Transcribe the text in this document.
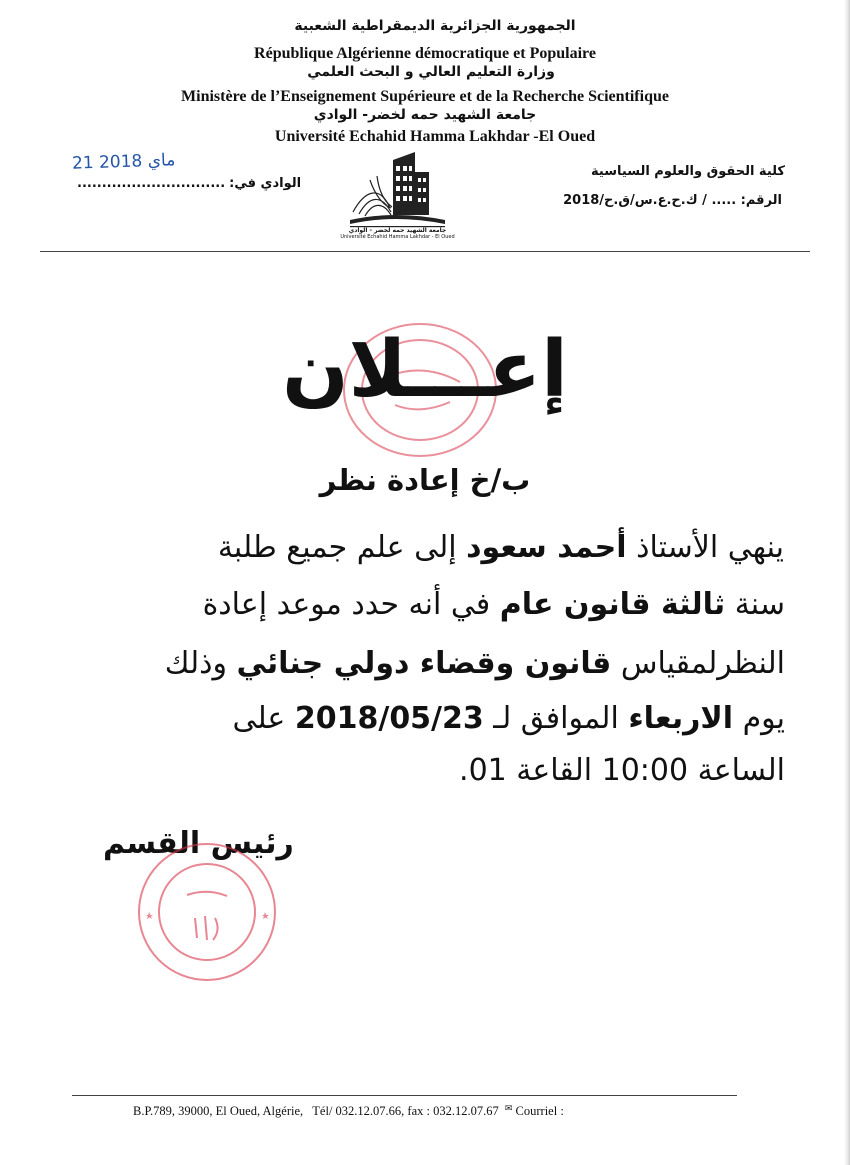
الجمهورية الجزائرية الديمقراطية الشعبية
République Algérienne démocratique et Populaire
وزارة التعليم العالي و البحث العلمي
Ministère de l’Enseignement Supérieure et de la Recherche Scientifique
جامعة الشهيد حمه لخضر- الوادي
Université Echahid Hamma Lakhdar -El Oued
21 ماي 2018
.............................. الوادي في:
جامعة الشهيد حمه لخضر - الوادي
Université Echahid Hamma Lakhdar - El Oued
كلية الحقوق والعلوم السياسية
الرقم: ..... / ك.ح.ع.س/ق.ح/2018
إعـــلان
ب/خ إعادة نظر
ينهي الأستاذ أحمد سعود إلى علم جميع طلبة
سنة ثالثة قانون عام في أنه حدد موعد إعادة
النظرلمقياس قانون وقضاء دولي جنائي وذلك
يوم الاربعاء الموافق لـ 2018/05/23 على
الساعة 10:00 القاعة 01.
رئيس القسم
B.P.789, 39000, El Oued, Algérie, Tél/ 032.12.07.66, fax : 032.12.07.67 ✉ Courriel :
